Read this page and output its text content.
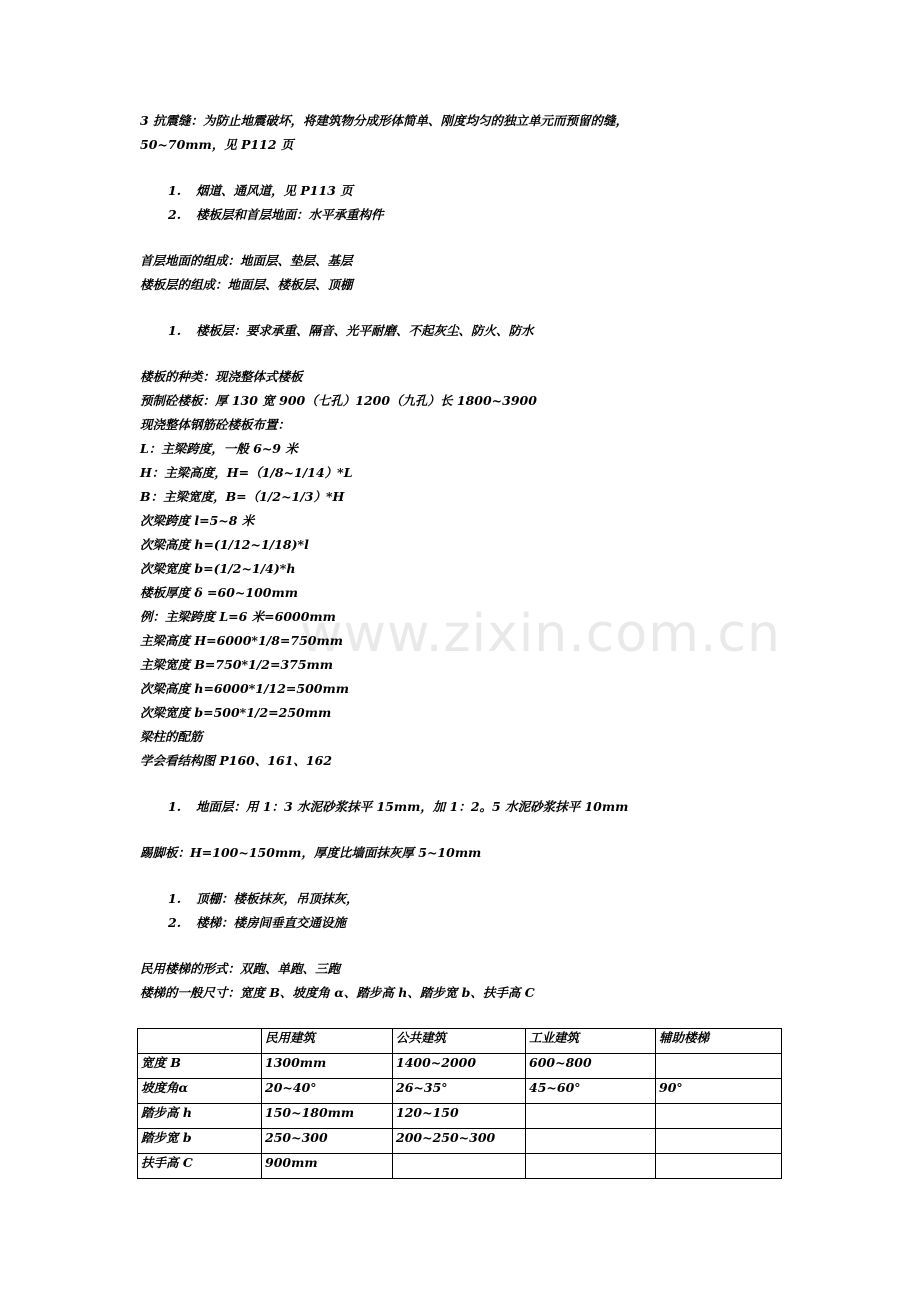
www.zixin.com.cn
3 抗震缝：为防止地震破坏，将建筑物分成形体简单、刚度均匀的独立单元而预留的缝，
50~70mm，见 P112 页
1. 烟道、通风道，见 P113 页
2. 楼板层和首层地面：水平承重构件
首层地面的组成：地面层、垫层、基层
楼板层的组成：地面层、楼板层、顶棚
1. 楼板层：要求承重、隔音、光平耐磨、不起灰尘、防火、防水
楼板的种类：现浇整体式楼板
预制砼楼板：厚 130 宽 900（七孔）1200（九孔）长 1800~3900
现浇整体钢筋砼楼板布置：
L：主梁跨度，一般 6~9 米
H：主梁高度，H=（1/8~1/14）*L
B：主梁宽度，B=（1/2~1/3）*H
次梁跨度 l=5~8 米
次梁高度 h=(1/12~1/18)*l
次梁宽度 b=(1/2~1/4)*h
楼板厚度 δ =60~100mm
例：主梁跨度 L=6 米=6000mm
主梁高度 H=6000*1/8=750mm
主梁宽度 B=750*1/2=375mm
次梁高度 h=6000*1/12=500mm
次梁宽度 b=500*1/2=250mm
梁柱的配筋
学会看结构图 P160、161、162
1. 地面层：用 1：3 水泥砂浆抹平 15mm，加 1：2。5 水泥砂浆抹平 10mm
踢脚板：H=100~150mm，厚度比墙面抹灰厚 5~10mm
1. 顶棚：楼板抹灰，吊顶抹灰，
2. 楼梯：楼房间垂直交通设施
民用楼梯的形式：双跑、单跑、三跑
楼梯的一般尺寸：宽度 B、坡度角 α、踏步高 h、踏步宽 b、扶手高 C
	民用建筑	公共建筑	工业建筑	辅助楼梯
宽度 B	1300mm	1400~2000	600~800	
坡度角α	20~40°	26~35°	45~60°	90°
踏步高 h	150~180mm	120~150		
踏步宽 b	250~300	200~250~300		
扶手高 C	900mm			
